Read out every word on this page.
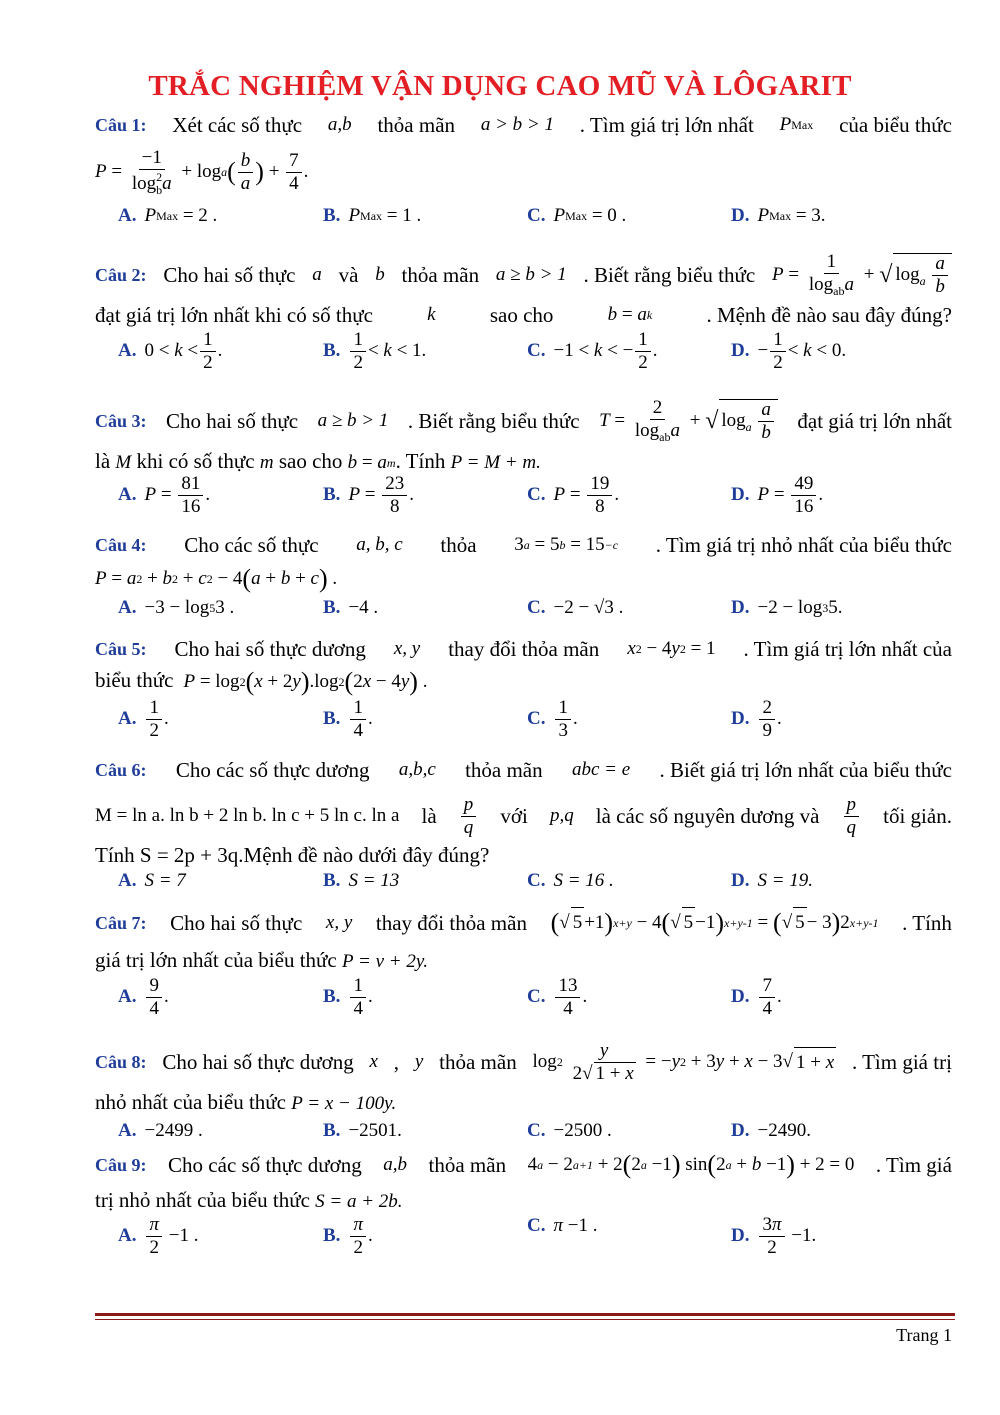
TRẮC NGHIỆM VẬN DỤNG CAO MŨ VÀ LÔGARIT
Câu 1: Xét các số thực a,b thỏa mãn a > b > 1 . Tìm giá trị lớn nhất P Max của biểu thức
$P = \frac{-1}{\log_b^2a} + \log a$ ( $\frac{b}{a}$ ) + $\frac{7}{4}$ .
A. P Max
= 2 .	B. P Max
= 1 .	C. P Max
= 0 .	D. P Max
= 3.
Câu 2: Cho hai số thực a và b thỏa mãn a ≥ b > 1 . Biết rằng biểu thức $P = \frac{1}{\log_{ab}a}$ + √ $\log_a \frac{a}{b}$
đạt giá trị lớn nhất khi có số thực	k	sao cho	b = a k	. Mệnh đề nào sau đây đúng?
A. $0 < k < \frac{1}{2}$ .	B. $\frac{1}{2} < k < 1$.	C. −1 < k < − $\frac{1}{2}$ .	D. − $\frac{1}{2} < k < 0$.
Câu 3: Cho hai số thực a ≥ b > 1 . Biết rằng biểu thức $T = \frac{2}{\log_{ab}a}$ + √ $\log_a \frac{a}{b}$ đạt giá trị lớn nhất
là M khi có số thực m sao cho b = a m . Tính P = M + m.
A. $P = \frac{81}{16}$ .	B. $P = \frac{23}{8}$ .	C. $P = \frac{19}{8}$ .	D. $P = \frac{49}{16}$ .
Câu 4: Cho các số thực a, b, c thỏa 3 a = 5 b = 15 −c . Tìm giá trị nhỏ nhất của biểu thức
P = a 2 + b 2 + c 2 − 4 ( a + b + c ) .
A. −3 − log 5 3 .	B. −4 .	C. −2 − √3 .	D. −2 − log 3 5.
Câu 5: Cho hai số thực dương x, y thay đổi thỏa mãn x 2 − 4 y 2 = 1 . Tìm giá trị lớn nhất của
biểu thức P = log 2 ( x + 2 y ) .log 2 ( 2 x − 4 y ) .
A. $\frac{1}{2}$ .	B. $\frac{1}{4}$ .	C. $\frac{1}{3}$ .	D. $\frac{2}{9}$ .
Câu 6: Cho các số thực dương a,b,c thỏa mãn abc = e . Biết giá trị lớn nhất của biểu thức
M = ln a. ln b + 2 ln b. ln c + 5 ln c. ln a là $\frac{p}{q}$ với p,q là các số nguyên dương và $\frac{p}{q}$ tối giản.
Tính S = 2p + 3q.Mệnh đề nào dưới đây đúng?
A. S = 7	B. S = 13	C. S = 16 .	D. S = 19.
Câu 7: Cho hai số thực x, y thay đổi thỏa mãn ( √ 5 +1 ) x+y − 4 ( √ 5 −1 ) x+y-1 = ( √ 5 − 3 ) 2 x+y-1 . Tính
giá trị lớn nhất của biểu thức P = ν + 2y.
A. $\frac{9}{4}$ .	B. $\frac{1}{4}$ .	C. $\frac{13}{4}$ .	D. $\frac{7}{4}$ .
Câu 8: Cho hai số thực dương x , y thỏa mãn log 2
$\frac{y}{2√ 1 + x}$ = − y 2 + 3 y + x − 3√ 1 + x . Tìm giá trị
nhỏ nhất của biểu thức P = x − 100y.
A. −2499 .	B. −2501.	C. −2500 .	D. −2490.
Câu 9: Cho các số thực dương a,b thỏa mãn 4 a − 2 a+1 + 2 ( 2 a −1 ) sin ( 2 a + b −1 ) + 2 = 0 . Tìm giá
trị nhỏ nhất của biểu thức S = a + 2b.
A. $\frac{\pi}{2} -1$ .	B. $\frac{\pi}{2}$ .	C. π −1 .	D. $\frac{3\pi}{2} -1$.
Trang 1
